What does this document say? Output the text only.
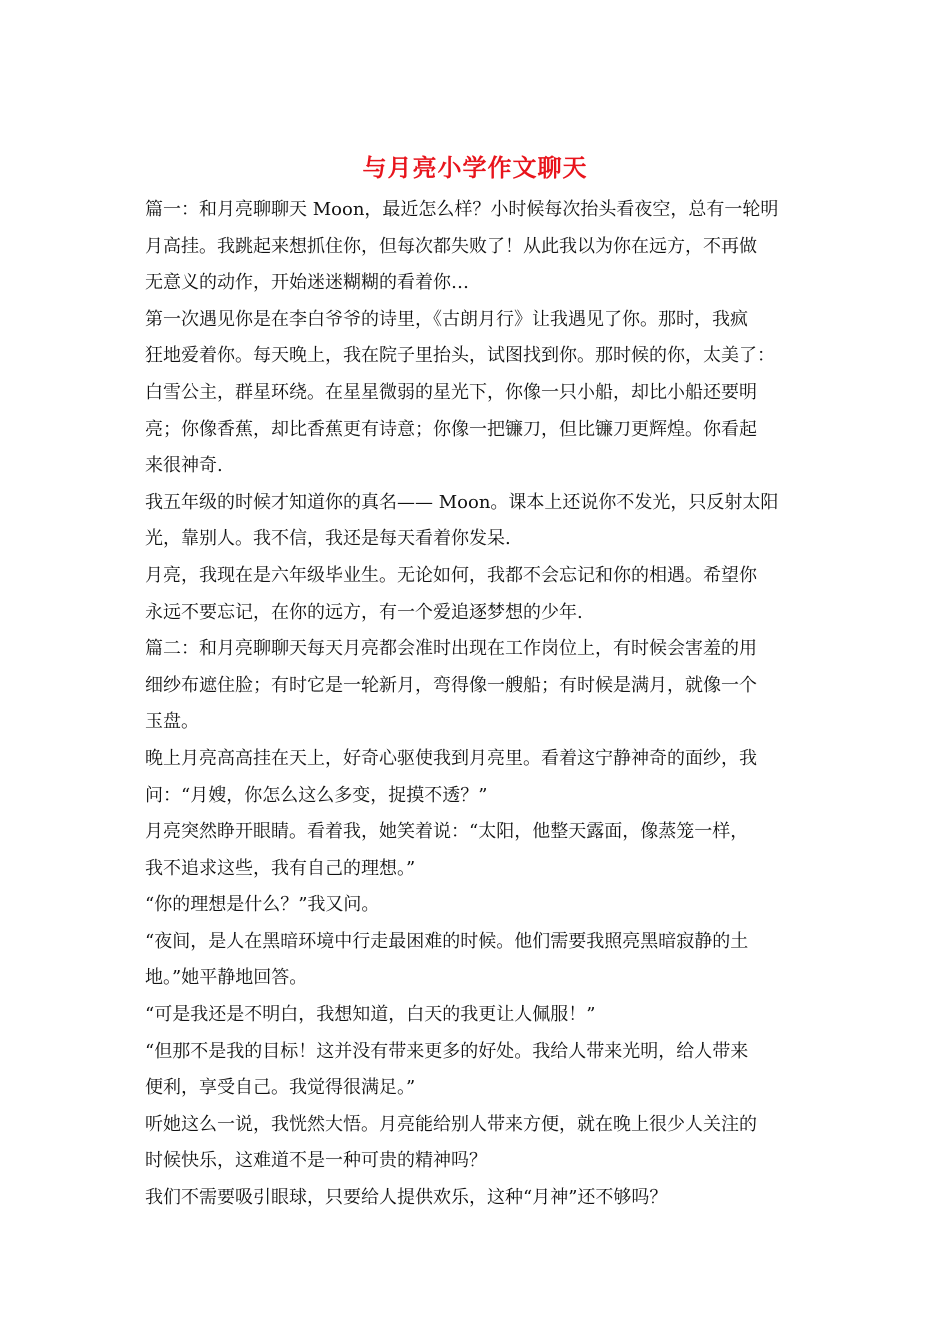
与月亮小学作文聊天

篇一：和月亮聊聊天 Moon，最近怎么样？小时候每次抬头看夜空，总有一轮明
月高挂。我跳起来想抓住你，但每次都失败了！从此我以为你在远方，不再做
无意义的动作，开始迷迷糊糊的看着你…

第一次遇见你是在李白爷爷的诗里，《古朗月行》让我遇见了你。那时，我疯
狂地爱着你。每天晚上，我在院子里抬头，试图找到你。那时候的你，太美了：
白雪公主，群星环绕。在星星微弱的星光下，你像一只小船，却比小船还要明
亮；你像香蕉，却比香蕉更有诗意；你像一把镰刀，但比镰刀更辉煌。你看起
来很神奇.

我五年级的时候才知道你的真名—— Moon。课本上还说你不发光，只反射太阳
光，靠别人。我不信，我还是每天看着你发呆.

月亮，我现在是六年级毕业生。无论如何，我都不会忘记和你的相遇。希望你
永远不要忘记，在你的远方，有一个爱追逐梦想的少年.

篇二：和月亮聊聊天每天月亮都会准时出现在工作岗位上，有时候会害羞的用
细纱布遮住脸；有时它是一轮新月，弯得像一艘船；有时候是满月，就像一个
玉盘。

晚上月亮高高挂在天上，好奇心驱使我到月亮里。看着这宁静神奇的面纱，我
问：“月嫂，你怎么这么多变，捉摸不透？”

月亮突然睁开眼睛。看着我，她笑着说：“太阳，他整天露面，像蒸笼一样，
我不追求这些，我有自己的理想。”

“你的理想是什么？”我又问。

“夜间，是人在黑暗环境中行走最困难的时候。他们需要我照亮黑暗寂静的土
地。”她平静地回答。

“可是我还是不明白，我想知道，白天的我更让人佩服！”

“但那不是我的目标！这并没有带来更多的好处。我给人带来光明，给人带来
便利，享受自己。我觉得很满足。”

听她这么一说，我恍然大悟。月亮能给别人带来方便，就在晚上很少人关注的
时候快乐，这难道不是一种可贵的精神吗？

我们不需要吸引眼球，只要给人提供欢乐，这种“月神”还不够吗？
